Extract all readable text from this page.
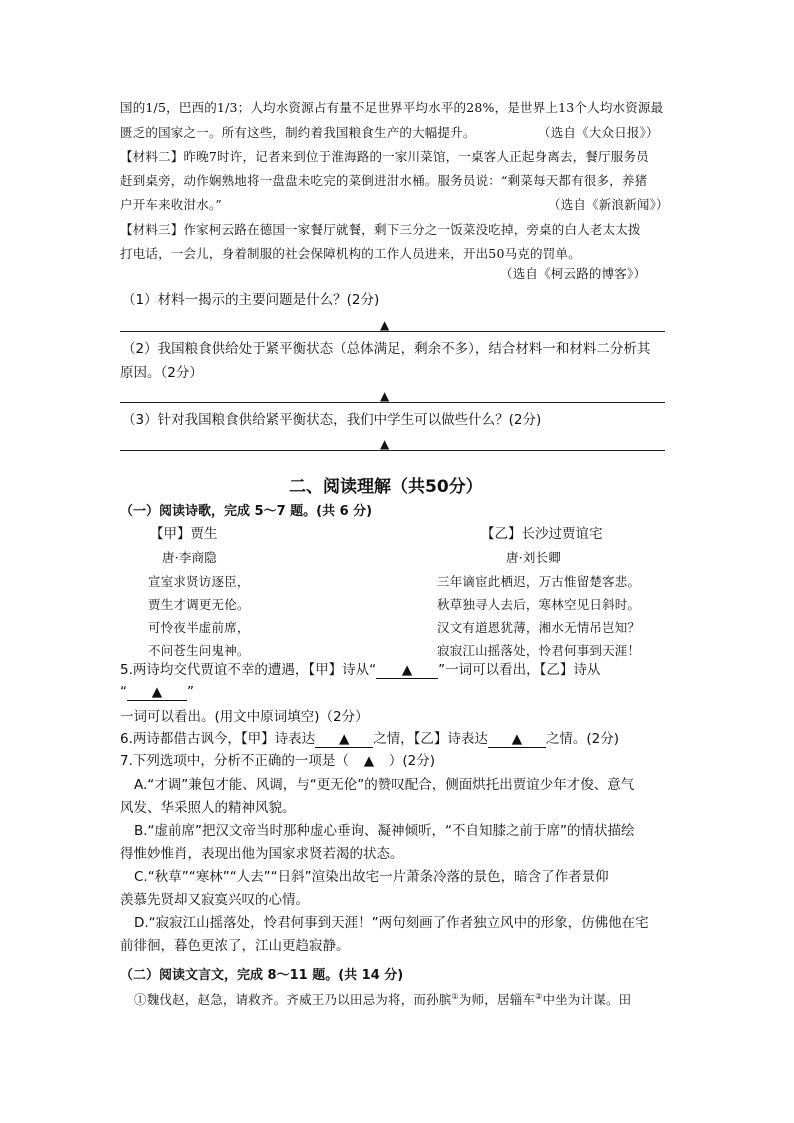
国的1/5，巴西的1/3；人均水资源占有量不足世界平均水平的28%，是世界上13个人均水资源最
匮乏的国家之一。所有这些，制约着我国粮食生产的大幅提升。	（选自《大众日报》）
【材料二】昨晚7时许，记者来到位于淮海路的一家川菜馆，一桌客人正起身离去，餐厅服务员
赶到桌旁，动作娴熟地将一盘盘未吃完的菜倒进泔水桶。服务员说：“剩菜每天都有很多，养猪
户开车来收泔水。”	（选自《新浪新闻》）
【材料三】作家柯云路在德国一家餐厅就餐，剩下三分之一饭菜没吃掉，旁桌的白人老太太拨
打电话，一会儿，身着制服的社会保障机构的工作人员进来，开出50马克的罚单。
（选自《柯云路的博客》）
（1）材料一揭示的主要问题是什么？(2分)
▲
（2）我国粮食供给处于紧平衡状态（总体满足，剩余不多），结合材料一和材料二分析其
原因。（2分）
▲
（3）针对我国粮食供给紧平衡状态，我们中学生可以做些什么？(2分)
▲
二、阅读理解（共50分）
（一）阅读诗歌，完成 5～7 题。(共 6 分)
【甲】贾生
唐·李商隐
宣室求贤访逐臣，
贾生才调更无伦。
可怜夜半虚前席，
不问苍生问鬼神。
【乙】长沙过贾谊宅
唐·刘长卿
三年谪宦此栖迟，万古惟留楚客悲。
秋草独寻人去后，寒林空见日斜时。
汉文有道恩犹薄，湘水无情吊岂知？
寂寂江山摇落处，怜君何事到天涯！
5.两诗均交代贾谊不幸的遭遇，【甲】诗从“ ▲ ”一词可以看出，【乙】诗从
“ ▲ ”
一词可以看出。(用文中原词填空)（2分）
6.两诗都借古讽今，【甲】诗表达 ▲ 之情，【乙】诗表达 ▲ 之情。(2分)
7.下列选项中，分析不正确的一项是（ ▲ ）(2分)
A.“才调”兼包才能、风调，与“更无伦”的赞叹配合，侧面烘托出贾谊少年才俊、意气
风发、华采照人的精神风貌。
B.“虚前席”把汉文帝当时那种虚心垂询、凝神倾听，“不自知膝之前于席”的情状描绘
得惟妙惟肖，表现出他为国家求贤若渴的状态。
C.“秋草”“寒林”“人去”“日斜”渲染出故宅一片萧条冷落的景色，暗含了作者景仰
羡慕先贤却又寂寞兴叹的心情。
D.“寂寂江山摇落处，怜君何事到天涯！”两句刻画了作者独立风中的形象，仿佛他在宅
前徘徊，暮色更浓了，江山更趋寂静。
（二）阅读文言文，完成 8～11 题。(共 14 分)
①魏伐赵，赵急，请救齐。齐威王乃以田忌为将，而孙膑①为师，居辎车②中坐为计谋。田
